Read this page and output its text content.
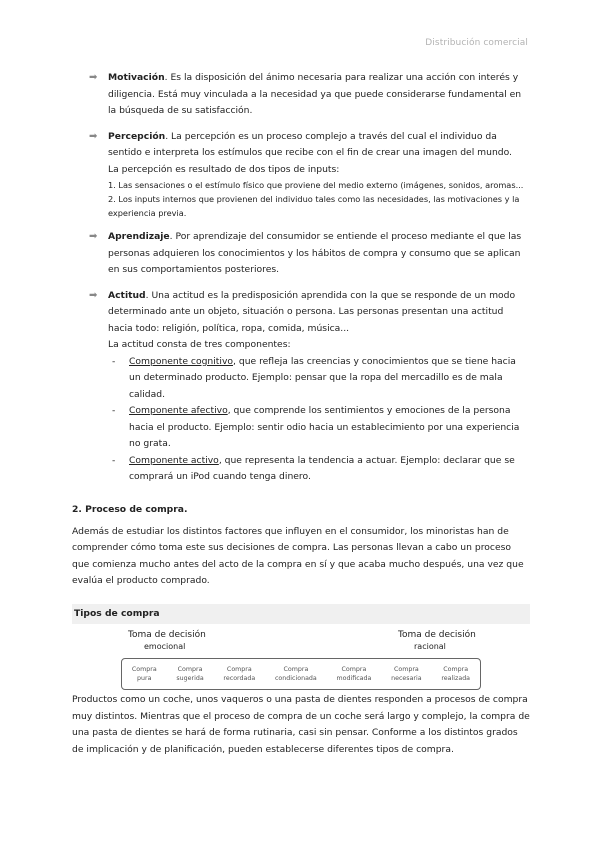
Distribución comercial
➡	Motivación. Es la disposición del ánimo necesaria para realizar una acción con interés y diligencia. Está muy vinculada a la necesidad ya que puede considerarse fundamental en la búsqueda de su satisfacción.
➡	Percepción. La percepción es un proceso complejo a través del cual el individuo da sentido e interpreta los estímulos que recibe con el fin de crear una imagen del mundo.
La percepción es resultado de dos tipos de inputs:
1. Las sensaciones o el estímulo físico que proviene del medio externo (imágenes, sonidos, aromas...
2. Los inputs internos que provienen del individuo tales como las necesidades, las motivaciones y la experiencia previa.
➡	Aprendizaje. Por aprendizaje del consumidor se entiende el proceso mediante el que las personas adquieren los conocimientos y los hábitos de compra y consumo que se aplican en sus comportamientos posteriores.
➡	Actitud. Una actitud es la predisposición aprendida con la que se responde de un modo determinado ante un objeto, situación o persona. Las personas presentan una actitud hacia todo: religión, política, ropa, comida, música...
La actitud consta de tres componentes:
- Componente cognitivo, que refleja las creencias y conocimientos que se tiene hacia un determinado producto. Ejemplo: pensar que la ropa del mercadillo es de mala calidad.
- Componente afectivo, que comprende los sentimientos y emociones de la persona hacia el producto. Ejemplo: sentir odio hacia un establecimiento por una experiencia no grata.
- Componente activo, que representa la tendencia a actuar. Ejemplo: declarar que se comprará un iPod cuando tenga dinero.
2. Proceso de compra.

Además de estudiar los distintos factores que influyen en el consumidor, los minoristas han de comprender cómo toma este sus decisiones de compra. Las personas llevan a cabo un proceso que comienza mucho antes del acto de la compra en sí y que acaba mucho después, una vez que evalúa el producto comprado.

Tipos de compra
Toma de decisión
emocional
Toma de decisión
racional
Compra
pura
Compra
sugerida
Compra
recordada
Compra
condicionada
Compra
modificada
Compra
necesaria
Compra
realizada

Productos como un coche, unos vaqueros o una pasta de dientes responden a procesos de compra muy distintos. Mientras que el proceso de compra de un coche será largo y complejo, la compra de una pasta de dientes se hará de forma rutinaria, casi sin pensar. Conforme a los distintos grados de implicación y de planificación, pueden establecerse diferentes tipos de compra.
